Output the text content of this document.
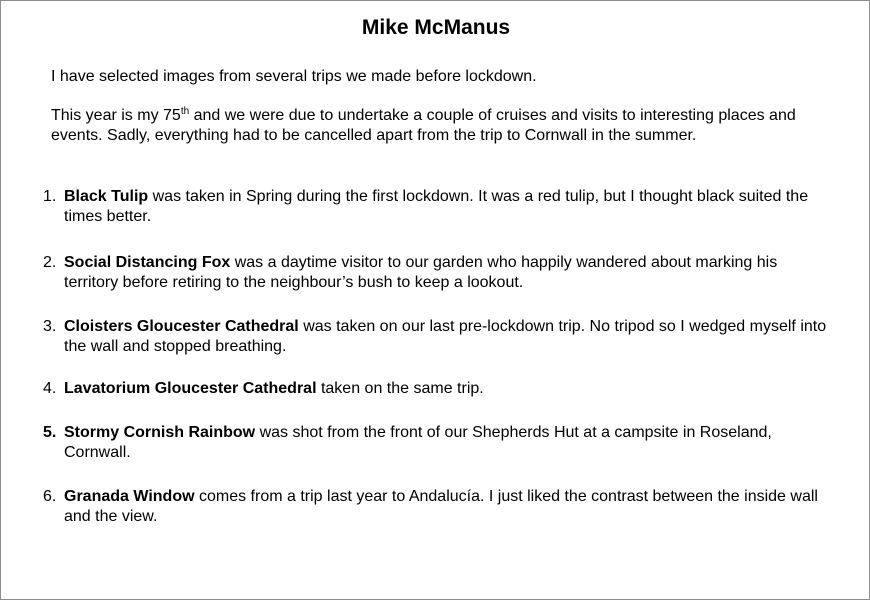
Mike McManus

I have selected images from several trips we made before lockdown.

This year is my 75th and we were due to undertake a couple of cruises and visits to interesting places and events. Sadly, everything had to be cancelled apart from the trip to Cornwall in the summer.

1. Black Tulip was taken in Spring during the first lockdown. It was a red tulip, but I thought black suited the times better.
2. Social Distancing Fox was a daytime visitor to our garden who happily wandered about marking his territory before retiring to the neighbour’s bush to keep a lookout.
3. Cloisters Gloucester Cathedral was taken on our last pre-lockdown trip. No tripod so I wedged myself into the wall and stopped breathing.
4. Lavatorium Gloucester Cathedral taken on the same trip.
5. Stormy Cornish Rainbow was shot from the front of our Shepherds Hut at a campsite in Roseland, Cornwall.
6. Granada Window comes from a trip last year to Andalucía. I just liked the contrast between the inside wall and the view.
